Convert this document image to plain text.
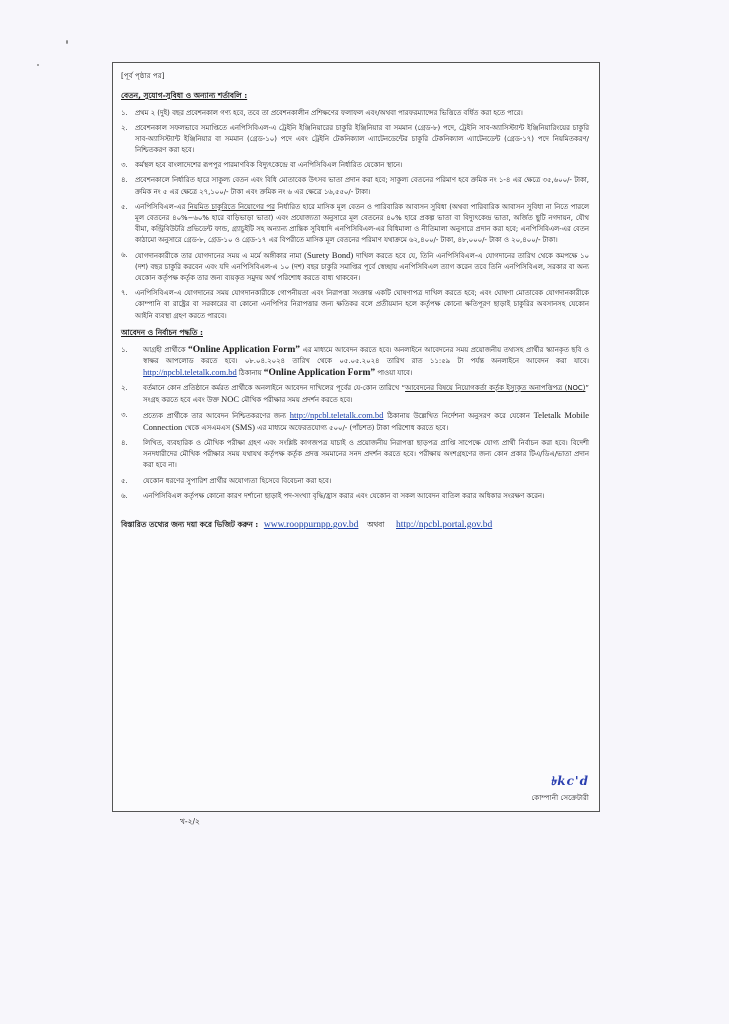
[পূর্ব পৃষ্ঠার পর]
বেতন, সুযোগ-সুবিধা ও অন্যান্য শর্তাবলি :
১.	প্রথম ২ (দুই) বছর প্রবেশনকাল গণ্য হবে, তবে তা প্রবেশনকালীন প্রশিক্ষণের ফলাফল এবং/অথবা পারফরম্যান্সের ভিত্তিতে বর্ধিত করা হতে পারে।
২.	প্রবেশনকাল সফলভাবে সমাপ্তিতে এনপিসিবিএল-এ ট্রেইনি ইঞ্জিনিয়ারের চাকুরি ইঞ্জিনিয়ার বা সমমান (গ্রেড-৮) পদে, ট্রেইনি সাব-অ্যাসিস্ট্যান্ট ইঞ্জিনিয়ারিংয়ের চাকুরি সাব-অ্যাসিস্ট্যান্ট ইঞ্জিনিয়ার বা সমমান (গ্রেড-১০) পদে এবং ট্রেইনি টেকনিক্যাল এ্যাটেনডেন্টের চাকুরি টেকনিক্যাল এ্যাটেনডেন্ট (গ্রেড-১৭) পদে নিয়মিতকরণ/নিশ্চিতকরণ করা হবে।
৩.	কর্মস্থল হবে বাংলাদেশের রূপপুর পারমাণবিক বিদ্যুৎকেন্দ্রে বা এনপিসিবিএল নির্ধারিত যেকোন স্থানে।
৪.	প্রবেশনকালে নির্ধারিত হারে সাকুল্য বেতন এবং বিধি মোতাবেক উৎসব ভাতা প্রদান করা হবে; সাকুল্য বেতনের পরিমাণ হবে ক্রমিক নং ১-৪ এর ক্ষেত্রে ৩৫,৬০০/- টাকা, ক্রমিক নং ৫ এর ক্ষেত্রে ২৭,১০০/- টাকা এবং ক্রমিক নং ৬ এর ক্ষেত্রে ১৬,৫৫০/- টাকা।
৫.	এনপিসিবিএল-এর নিয়মিত চাকুরিতে নিয়োগের পর নির্ধারিত হারে মাসিক মূল বেতন ও পারিবারিক আবাসন সুবিধা (অথবা পারিবারিক আবাসন সুবিধা না নিতে পারলে মূল বেতনের ৪০%−৬০% হারে বাড়িভাড়া ভাতা) এবং প্রযোজ্যতা অনুসারে মূল বেতনের ৪০% হারে প্রকল্প ভাতা বা বিদ্যুৎকেন্দ্র ভাতা, অর্জিত ছুটি নগদায়ন, যৌথ বীমা, কন্ট্রিবিউটরি প্রভিডেন্ট ফান্ড, গ্র্যাচুইটি সহ অন্যান্য প্রান্তিক সুবিধাদি এনপিসিবিএল-এর বিধিমালা ও নীতিমালা অনুসারে প্রদান করা হবে; এনপিসিবিএল-এর বেতন কাঠামো অনুসারে গ্রেড-৮, গ্রেড-১০ ও গ্রেড-১৭ এর বিপরীতে মাসিক মূল বেতনের পরিমাণ যথাক্রমে ৬২,৪০০/- টাকা, ৪৮,০০০/- টাকা ও ২০,৪০০/- টাকা।
৬.	যোগদানকারীকে তার যোগদানের সময় এ মর্মে অঙ্গীকার নামা (Surety Bond) দাখিল করতে হবে যে, তিনি এনপিসিবিএল-এ যোগদানের তারিখ থেকে কমপক্ষে ১০ (দশ) বছর চাকুরি করবেন এবং যদি এনপিসিবিএল-এ ১০ (দশ) বছর চাকুরি সমাপ্তির পূর্বে স্বেচ্ছায় এনপিসিবিএল ত্যাগ করেন তবে তিনি এনপিসিবিএল, সরকার বা অন্য যেকোন কর্তৃপক্ষ কর্তৃক তার জন্য ব্যয়কৃত সমুদয় অর্থ পরিশোধ করতে বাধ্য থাকবেন।
৭.	এনপিসিবিএল-এ যোগদানের সময় যোগদানকারীকে গোপনীয়তা এবং নিরাপত্তা সংক্রান্ত একটি ঘোষণাপত্র দাখিল করতে হবে; এবং ঘোষণা মোতাবেক যোগদানকারীকে কোম্পানি বা রাষ্ট্রের বা সরকারের বা কোনো এনপিপির নিরাপত্তার জন্য ক্ষতিকর বলে প্রতীয়মান হলে কর্তৃপক্ষ কোনো ক্ষতিপূরণ ছাড়াই চাকুরির অবসানসহ যেকোন আইনি ব্যবস্থা গ্রহণ করতে পারবে।
আবেদন ও নির্বাচন পদ্ধতি :
১.	আগ্রহী প্রার্থীকে “Online Application Form” এর মাধ্যমে আবেদন করতে হবে। অনলাইনে আবেদনের সময় প্রয়োজনীয় তথ্যসহ প্রার্থীর স্ক্যানকৃত ছবি ও স্বাক্ষর আপলোড করতে হবে। ০৮.০৪.২০২৪ তারিখ থেকে ০৫.০৫.২০২৪ তারিখ রাত ১১:৫৯ টা পর্যন্ত অনলাইনে আবেদন করা যাবে। http://npcbl.teletalk.com.bd ঠিকানায় “Online Application Form” পাওয়া যাবে।
২.	বর্তমানে কোন প্রতিষ্ঠানে কর্মরত প্রার্থীকে অনলাইনে আবেদন দাখিলের পূর্বের যে-কোন তারিখে “আবেদনের বিষয়ে নিয়োগকর্তা কর্তৃক ইস্যুকৃত অনাপত্তিপত্র (NOC)” সংগ্রহ করতে হবে এবং উক্ত NOC মৌখিক পরীক্ষার সময় প্রদর্শন করতে হবে।
৩.	প্রত্যেক প্রার্থীকে তার আবেদন নিশ্চিতকরণের জন্য http://npcbl.teletalk.com.bd ঠিকানায় উল্লেখিত নির্দেশনা অনুসরণ করে যেকোন Teletalk Mobile Connection থেকে এসএমএস (SMS) এর মাধ্যমে অফেরতযোগ্য ৫০০/- (পাঁচশত) টাকা পরিশোধ করতে হবে।
৪.	লিখিত, ব্যবহারিক ও মৌখিক পরীক্ষা গ্রহণ এবং সংশ্লিষ্ট কাগজপত্র যাচাই ও প্রয়োজনীয় নিরাপত্তা ছাড়পত্র প্রাপ্তি সাপেক্ষে যোগ্য প্রার্থী নির্বাচন করা হবে। বিদেশী সনদধারীদের মৌখিক পরীক্ষার সময় যথাযথ কর্তৃপক্ষ কর্তৃক প্রদত্ত সমমানের সনদ প্রদর্শন করতে হবে। পরীক্ষায় অংশগ্রহণের জন্য কোন প্রকার টিএ/ডিএ/ভাতা প্রদান করা হবে না।
৫.	যেকোন ধরণের সুপারিশ প্রার্থীর অযোগ্যতা হিসেবে বিবেচনা করা হবে।
৬.	এনপিসিবিএল কর্তৃপক্ষ কোনো কারণ দর্শানো ছাড়াই পদ-সংখ্যা বৃদ্ধি/হ্রাস করার এবং যেকোন বা সকল আবেদন বাতিল করার অধিকার সংরক্ষণ করেন।
বিস্তারিত তথ্যের জন্য দয়া করে ভিজিট করুন : www.rooppurnpp.gov.bd অথবা http://npcbl.portal.gov.bd
৳kc'd
কোম্পানী সেক্রেটারী
খ-২/২
